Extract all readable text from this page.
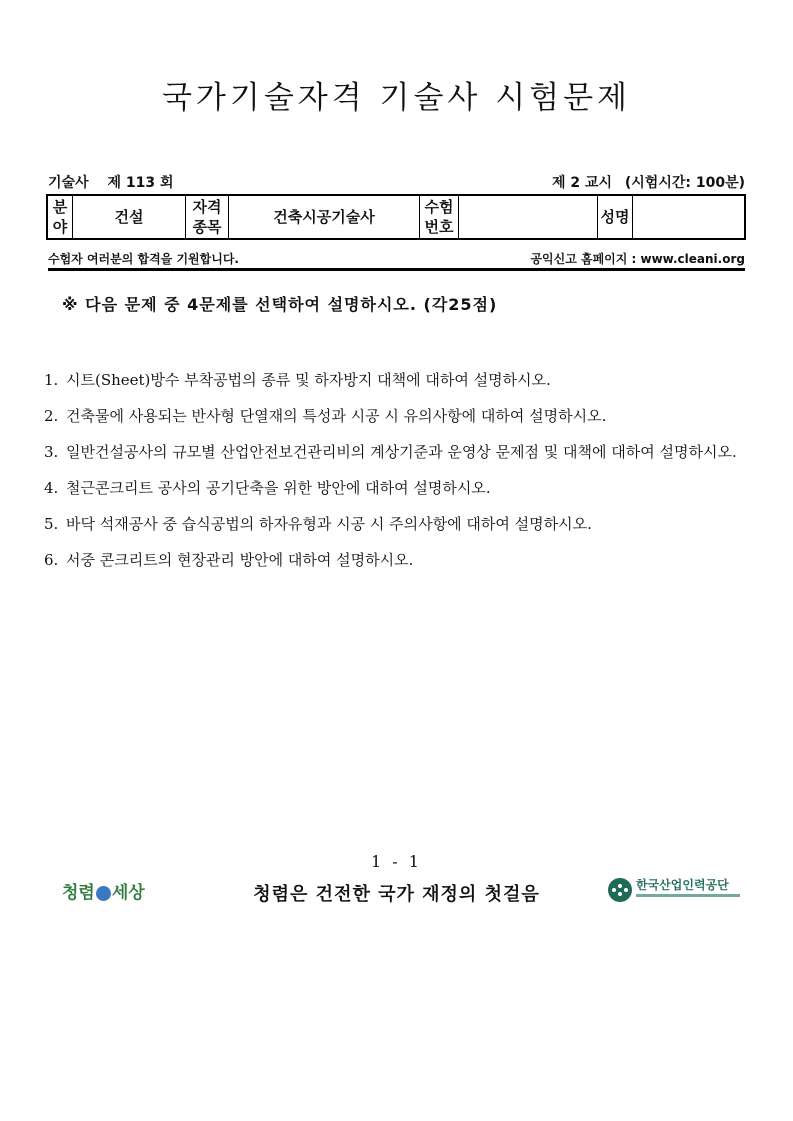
국가기술자격 기술사 시험문제
기술사 제 113 회	제 2 교시 (시험시간: 100분)
분야	건설	자격 종목	건축시공기술사	수험 번호		성명	
수험자 여러분의 합격을 기원합니다.	공익신고 홈페이지 : www.cleani.org
※ 다음 문제 중 4문제를 선택하여 설명하시오. (각25점)
1. 시트(Sheet)방수 부착공법의 종류 및 하자방지 대책에 대하여 설명하시오.
2. 건축물에 사용되는 반사형 단열재의 특성과 시공 시 유의사항에 대하여 설명하시오.
3. 일반건설공사의 규모별 산업안전보건관리비의 계상기준과 운영상 문제점 및 대책에 대하여 설명하시오.
4. 철근콘크리트 공사의 공기단축을 위한 방안에 대하여 설명하시오.
5. 바닥 석재공사 중 습식공법의 하자유형과 시공 시 주의사항에 대하여 설명하시오.
6. 서중 콘크리트의 현장관리 방안에 대하여 설명하시오.
1 - 1
청렴 세상	청렴은 건전한 국가 재정의 첫걸음	한국산업인력공단
